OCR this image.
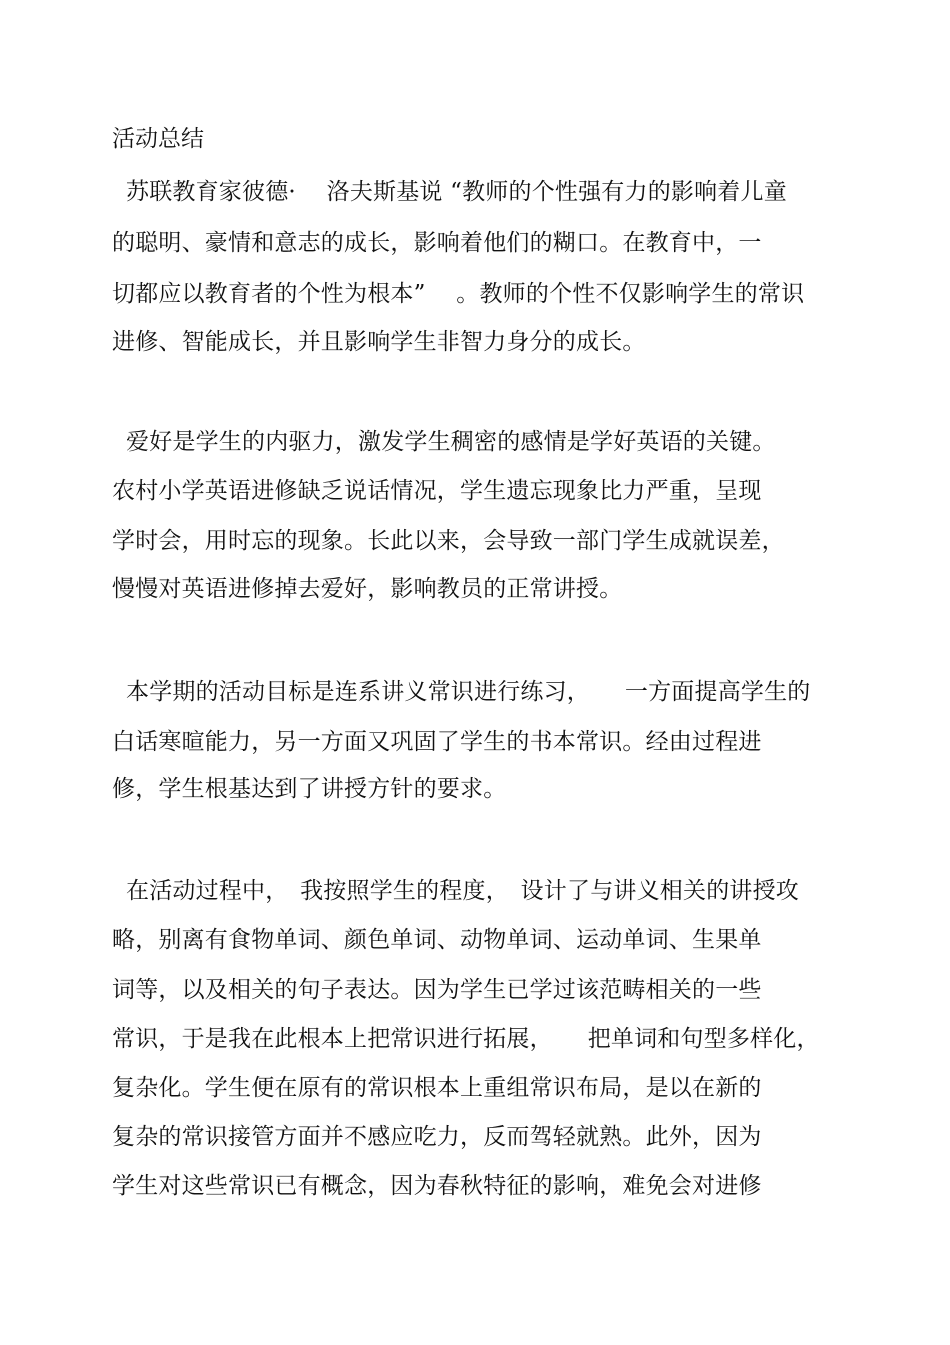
活动总结
苏联教育家彼德·　 洛夫斯基说 “教师的个性强有力的影响着儿童
的聪明、豪情和意志的成长，影响着他们的糊口。在教育中，一
切都应以教育者的个性为根本”　 。教师的个性不仅影响学生的常识
进修、智能成长，并且影响学生非智力身分的成长。
爱好是学生的内驱力，激发学生稠密的感情是学好英语的关键。
农村小学英语进修缺乏说话情况，学生遗忘现象比力严重，呈现
学时会，用时忘的现象。长此以来，会导致一部门学生成就误差，
慢慢对英语进修掉去爱好，影响教员的正常讲授。
本学期的活动目标是连系讲义常识进行练习，　　一方面提高学生的
白话寒暄能力，另一方面又巩固了学生的书本常识。经由过程进
修，学生根基达到了讲授方针的要求。
在活动过程中，　我按照学生的程度，　设计了与讲义相关的讲授攻
略，别离有食物单词、颜色单词、动物单词、运动单词、生果单
词等，以及相关的句子表达。因为学生已学过该范畴相关的一些
常识，于是我在此根本上把常识进行拓展，　　把单词和句型多样化，
复杂化。学生便在原有的常识根本上重组常识布局，是以在新的
复杂的常识接管方面并不感应吃力，反而驾轻就熟。此外，因为
学生对这些常识已有概念，因为春秋特征的影响，难免会对进修
